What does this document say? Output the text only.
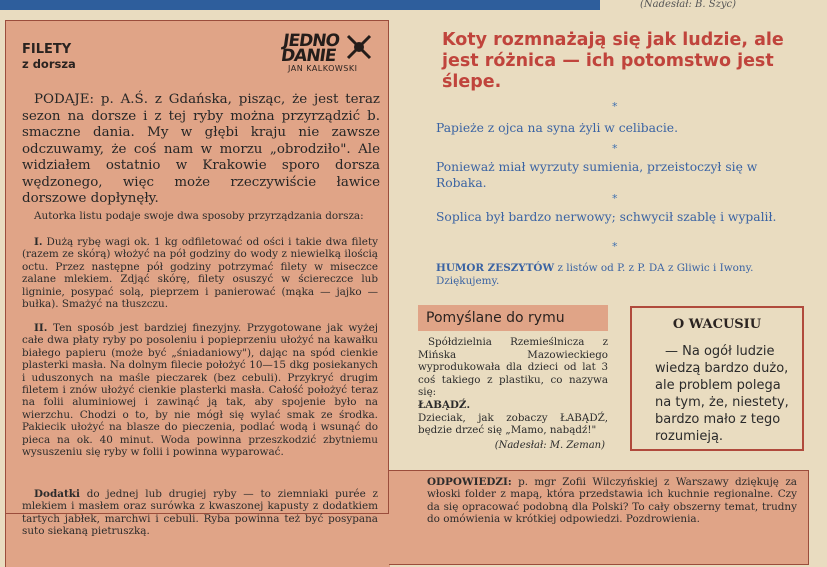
(Nadesłał: B. Szyc)
FILETY
z dorsza
JEDNO
DANIE
JAN KALKOWSKI
PODAJE: p. A.Ś. z Gdańska, pisząc, że jest teraz sezon na dorsze i z tej ryby można przyrządzić b. smaczne dania. My w głębi kraju nie zawsze odczuwamy, że coś nam w morzu „obrodziło". Ale widziałem ostatnio w Krakowie sporo dorsza wędzonego, więc może rzeczywiście ławice dorszowe dopłynęły.
Autorka listu podaje swoje dwa sposoby przyrządzania dorsza:
I. Dużą rybę wagi ok. 1 kg odfiletować od ości i takie dwa filety (razem ze skórą) włożyć na pół godziny do wody z niewielką ilością octu. Przez następne pół godziny potrzymać filety w miseczce zalane mlekiem. Zdjąć skórę, filety osuszyć w ściereczce lub ligninie, posypać solą, pieprzem i panierować (mąka — jajko — bułka). Smażyć na tłuszczu.
II. Ten sposób jest bardziej finezyjny. Przygotowane jak wyżej całe dwa płaty ryby po posoleniu i popieprzeniu ułożyć na kawałku białego papieru (może być „śniadaniowy"), dając na spód cienkie plasterki masła. Na dolnym filecie położyć 10—15 dkg posiekanych i uduszonych na maśle pieczarek (bez cebuli). Przykryć drugim filetem i znów ułożyć cienkie plasterki masła. Całość położyć teraz na folii aluminiowej i zawinąć ją tak, aby spojenie było na wierzchu. Chodzi o to, by nie mógł się wylać smak ze środka. Pakiecik ułożyć na blasze do pieczenia, podlać wodą i wsunąć do pieca na ok. 40 minut. Woda powinna przeszkodzić zbytniemu wysuszeniu się ryby w folii i powinna wyparować.
Dodatki do jednej lub drugiej ryby — to ziemniaki purée z mlekiem i masłem oraz surówka z kwaszonej kapusty z dodatkiem tartych jabłek, marchwi i cebuli. Ryba powinna też być posypana suto siekaną pietruszką.
Koty rozmnażają się jak ludzie, ale jest różnica — ich potomstwo jest ślepe.
*
Papieże z ojca na syna żyli w celibacie.
*
Ponieważ miał wyrzuty sumienia, przeistoczył się w Robaka.
*
Soplica był bardzo nerwowy; schwycił szablę i wypalił.
*
HUMOR ZESZYTÓW z listów od P. z P. DA z Gliwic i Iwony. Dziękujemy.
Pomyślane do rymu
Spółdzielnia Rzemieślnicza z Mińska Mazowieckiego wyprodukowała dla dzieci od lat 3 coś takiego z plastiku, co nazywa się:
ŁABĄDŹ.
Dzieciak, jak zobaczy ŁABĄDŹ, będzie drzeć się „Mamo, nabądź!"
(Nadesłał: M. Zeman)
O WACUSIU
— Na ogół ludzie wiedzą bardzo dużo, ale problem polega na tym, że, niestety, bardzo mało z tego rozumieją.
ODPOWIEDZI: p. mgr Zofii Wilczyńskiej z Warszawy dziękuję za włoski folder z mapą, która przedstawia ich kuchnie regionalne. Czy da się opracować podobną dla Polski? To cały obszerny temat, trudny do omówienia w krótkiej odpowiedzi. Pozdrowienia.
